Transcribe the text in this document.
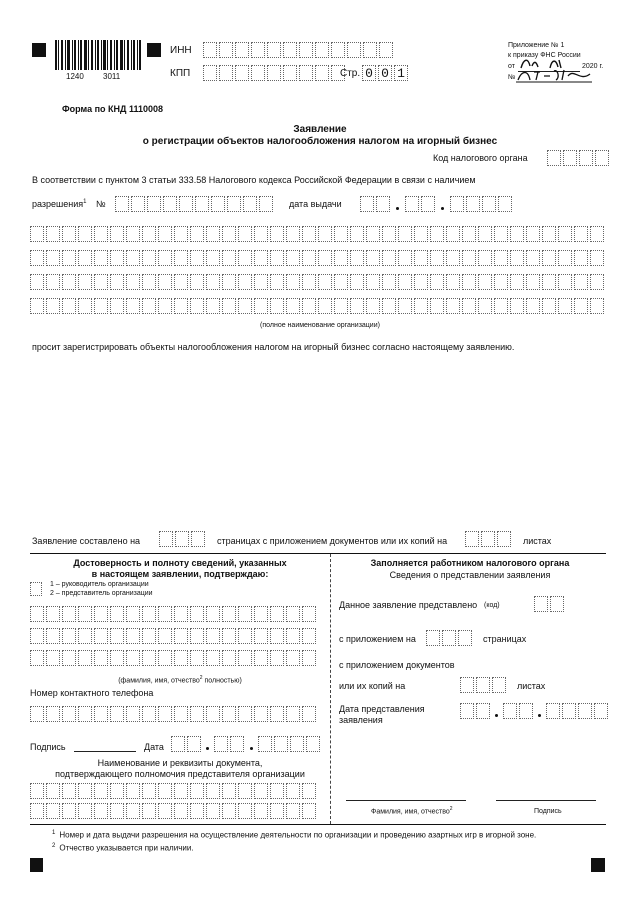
1240 3011
ИНН
КПП	Стр. 0 0 1
Приложение № 1
к приказу ФНС России
от	2020 г.
№
Форма по КНД 1110008
Заявление
о регистрации объектов налогообложения налогом на игорный бизнес
Код налогового органа
В соответствии с пунктом 3 статьи 333.58 Налогового кодекса Российской Федерации в связи с наличием
разрешения$^1$ №	дата выдачи
(полное наименование организации)
просит зарегистрировать объекты налогообложения налогом на игорный бизнес согласно настоящему заявлению.
Заявление составлено на	страницах с приложением документов или их копий на	листах
Достоверность и полноту сведений, указанных
в настоящем заявлении, подтверждаю:
1 – руководитель организации
2 – представитель организации
(фамилия, имя, отчество$^2$ полностью)
Номер контактного телефона
Подпись	Дата
Наименование и реквизиты документа,
подтверждающего полномочия представителя организации
Заполняется работником налогового органа
Сведения о представлении заявления
Данное заявление представлено (код)
с приложением на	страницах
с приложением документов
или их копий на	листах
Дата представления
заявления
Фамилия, имя, отчество$^2$	Подпись
$^1$ Номер и дата выдачи разрешения на осуществление деятельности по организации и проведению азартных игр в игорной зоне.
$^2$ Отчество указывается при наличии.
